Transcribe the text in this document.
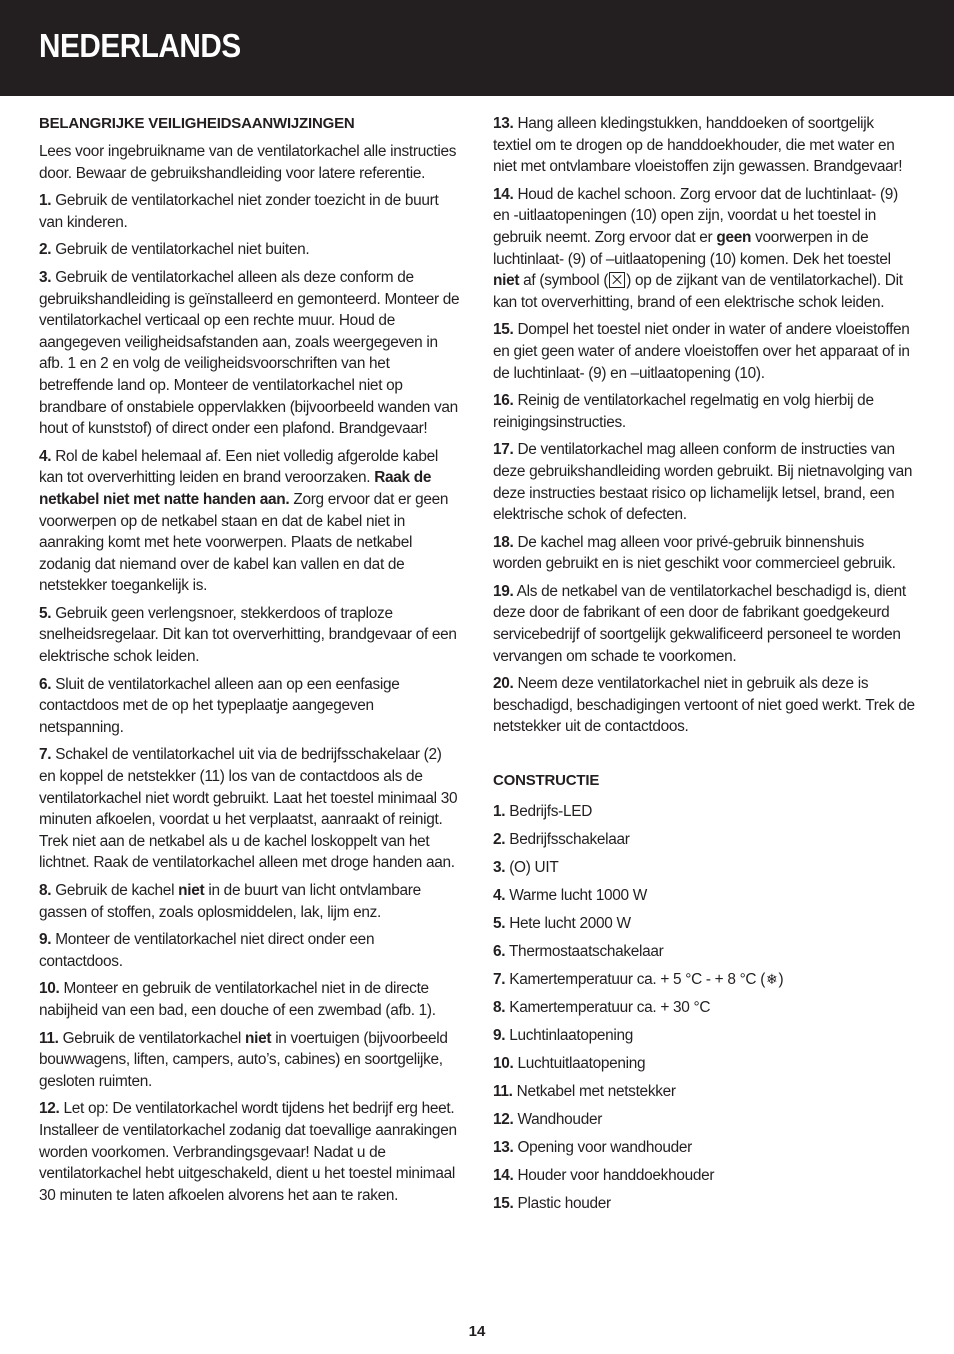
NEDERLANDS
BELANGRIJKE VEILIGHEIDSAANWIJZINGEN

Lees voor ingebruikname van de ventilatorkachel alle instructies door. Bewaar de gebruikshandleiding voor latere referentie.

1. Gebruik de ventilatorkachel niet zonder toezicht in de buurt van kinderen.

2. Gebruik de ventilatorkachel niet buiten.

3. Gebruik de ventilatorkachel alleen als deze conform de gebruikshandleiding is geïnstalleerd en gemonteerd. Monteer de ventilatorkachel verticaal op een rechte muur. Houd de aangegeven veiligheidsafstanden aan, zoals weergegeven in afb. 1 en 2 en volg de veiligheidsvoorschriften van het betreffende land op. Monteer de ventilatorkachel niet op brandbare of onstabiele oppervlakken (bijvoorbeeld wanden van hout of kunststof) of direct onder een plafond. Brandgevaar!

4. Rol de kabel helemaal af. Een niet volledig afgerolde kabel kan tot oververhitting leiden en brand veroorzaken. Raak de netkabel niet met natte handen aan. Zorg ervoor dat er geen voorwerpen op de netkabel staan en dat de kabel niet in aanraking komt met hete voorwerpen. Plaats de netkabel zodanig dat niemand over de kabel kan vallen en dat de netstekker toegankelijk is.

5. Gebruik geen verlengsnoer, stekkerdoos of traploze snelheidsregelaar. Dit kan tot oververhitting, brandgevaar of een elektrische schok leiden.

6. Sluit de ventilatorkachel alleen aan op een eenfasige contactdoos met de op het typeplaatje aangegeven netspanning.

7. Schakel de ventilatorkachel uit via de bedrijfsschakelaar (2) en koppel de netstekker (11) los van de contactdoos als de ventilatorkachel niet wordt gebruikt. Laat het toestel minimaal 30 minuten afkoelen, voordat u het verplaatst, aanraakt of reinigt. Trek niet aan de netkabel als u de kachel loskoppelt van het lichtnet. Raak de ventilatorkachel alleen met droge handen aan.

8. Gebruik de kachel niet in de buurt van licht ontvlambare gassen of stoffen, zoals oplosmiddelen, lak, lijm enz.

9. Monteer de ventilatorkachel niet direct onder een contactdoos.

10. Monteer en gebruik de ventilatorkachel niet in de directe nabijheid van een bad, een douche of een zwembad (afb. 1).

11. Gebruik de ventilatorkachel niet in voertuigen (bijvoorbeeld bouwwagens, liften, campers, auto’s, cabines) en soortgelijke, gesloten ruimten.

12. Let op: De ventilatorkachel wordt tijdens het bedrijf erg heet. Installeer de ventilatorkachel zodanig dat toevallige aanrakingen worden voorkomen. Verbrandingsgevaar! Nadat u de ventilatorkachel hebt uitgeschakeld, dient u het toestel minimaal 30 minuten te laten afkoelen alvorens het aan te raken.

13. Hang alleen kledingstukken, handdoeken of soortgelijk textiel om te drogen op de handdoekhouder, die met water en niet met ontvlambare vloeistoffen zijn gewassen. Brandgevaar!

14. Houd de kachel schoon. Zorg ervoor dat de luchtinlaat- (9) en -uitlaatopeningen (10) open zijn, voordat u het toestel in gebruik neemt. Zorg ervoor dat er geen voorwerpen in de luchtinlaat- (9) of –uitlaatopening (10) komen. Dek het toestel niet af (symbool ( ) op de zijkant van de ventilatorkachel). Dit kan tot oververhitting, brand of een elektrische schok leiden.

15. Dompel het toestel niet onder in water of andere vloeistoffen en giet geen water of andere vloeistoffen over het apparaat of in de luchtinlaat- (9) en –uitlaatopening (10).

16. Reinig de ventilatorkachel regelmatig en volg hierbij de reinigingsinstructies.

17. De ventilatorkachel mag alleen conform de instructies van deze gebruikshandleiding worden gebruikt. Bij nietnavolging van deze instructies bestaat risico op lichamelijk letsel, brand, een elektrische schok of defecten.

18. De kachel mag alleen voor privé-gebruik binnenshuis worden gebruikt en is niet geschikt voor commercieel gebruik.

19. Als de netkabel van de ventilatorkachel beschadigd is, dient deze door de fabrikant of een door de fabrikant goedgekeurd servicebedrijf of soortgelijk gekwalificeerd personeel te worden vervangen om schade te voorkomen.

20. Neem deze ventilatorkachel niet in gebruik als deze is beschadigd, beschadigingen vertoont of niet goed werkt. Trek de netstekker uit de contactdoos.

CONSTRUCTIE
1. Bedrijfs-LED
2. Bedrijfsschakelaar
3. (O) UIT
4. Warme lucht 1000 W
5. Hete lucht 2000 W
6. Thermostaatschakelaar
7. Kamertemperatuur ca. + 5 °C - + 8 °C (❄)
8. Kamertemperatuur ca. + 30 °C
9. Luchtinlaatopening
10. Luchtuitlaatopening
11. Netkabel met netstekker
12. Wandhouder
13. Opening voor wandhouder
14. Houder voor handdoekhouder
15. Plastic houder
14
